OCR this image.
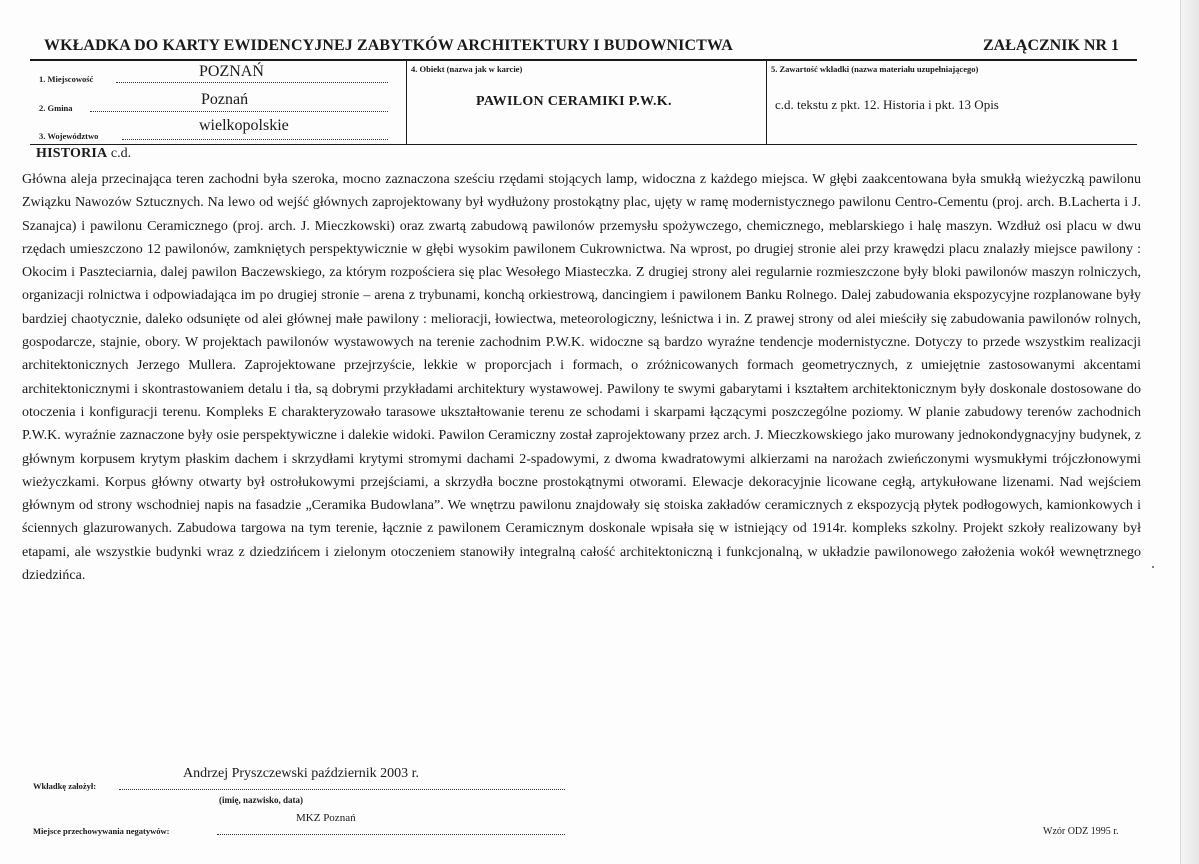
WKŁADKA DO KARTY EWIDENCYJNEJ ZABYTKÓW ARCHITEKTURY I BUDOWNICTWA	ZAŁĄCZNIK NR 1
1. Miejscowość	POZNAŃ
2. Gmina	Poznań
3. Województwo
wielkopolskie
4. Obiekt (nazwa jak w karcie)
PAWILON CERAMIKI P.W.K.
5. Zawartość wkładki (nazwa materiału uzupełniającego)
c.d. tekstu z pkt. 12. Historia i pkt. 13 Opis
HISTORIA c.d.
Główna aleja przecinająca teren zachodni była szeroka, mocno zaznaczona sześciu rzędami stojących lamp, widoczna z każdego miejsca. W głębi zaakcentowana była smukłą wieżyczką pawilonu Związku Nawozów Sztucznych. Na lewo od wejść głównych zaprojektowany był wydłużony prostokątny plac, ujęty w ramę modernistycznego pawilonu Centro-Cementu (proj. arch. B.Lacherta i J. Szanajca) i pawilonu Ceramicznego (proj. arch. J. Mieczkowski) oraz zwartą zabudową pawilonów przemysłu spożywczego, chemicznego, meblarskiego i halę maszyn. Wzdłuż osi placu w dwu rzędach umieszczono 12 pawilonów, zamkniętych perspektywicznie w głębi wysokim pawilonem Cukrownictwa. Na wprost, po drugiej stronie alei przy krawędzi placu znalazły miejsce pawilony : Okocim i Paszteciarnia, dalej pawilon Baczewskiego, za którym rozpościera się plac Wesołego Miasteczka. Z drugiej strony alei regularnie rozmieszczone były bloki pawilonów maszyn rolniczych, organizacji rolnictwa i odpowiadająca im po drugiej stronie – arena z trybunami, konchą orkiestrową, dancingiem i pawilonem Banku Rolnego. Dalej zabudowania ekspozycyjne rozplanowane były bardziej chaotycznie, daleko odsunięte od alei głównej małe pawilony : melioracji, łowiectwa, meteorologiczny, leśnictwa i in. Z prawej strony od alei mieściły się zabudowania pawilonów rolnych, gospodarcze, stajnie, obory. W projektach pawilonów wystawowych na terenie zachodnim P.W.K. widoczne są bardzo wyraźne tendencje modernistyczne. Dotyczy to przede wszystkim realizacji architektonicznych Jerzego Mullera. Zaprojektowane przejrzyście, lekkie w proporcjach i formach, o zróżnicowanych formach geometrycznych, z umiejętnie zastosowanymi akcentami architektonicznymi i skontrastowaniem detalu i tła, są dobrymi przykładami architektury wystawowej. Pawilony te swymi gabarytami i kształtem architektonicznym były doskonale dostosowane do otoczenia i konfiguracji terenu. Kompleks E charakteryzowało tarasowe ukształtowanie terenu ze schodami i skarpami łączącymi poszczególne poziomy. W planie zabudowy terenów zachodnich P.W.K. wyraźnie zaznaczone były osie perspektywiczne i dalekie widoki. Pawilon Ceramiczny został zaprojektowany przez arch. J. Mieczkowskiego jako murowany jednokondygnacyjny budynek, z głównym korpusem krytym płaskim dachem i skrzydłami krytymi stromymi dachami 2-spadowymi, z dwoma kwadratowymi alkierzami na narożach zwieńczonymi wysmukłymi trójczłonowymi wieżyczkami. Korpus główny otwarty był ostrołukowymi przejściami, a skrzydła boczne prostokątnymi otworami. Elewacje dekoracyjnie licowane cegłą, artykułowane lizenami. Nad wejściem głównym od strony wschodniej napis na fasadzie „Ceramika Budowlana”. We wnętrzu pawilonu znajdowały się stoiska zakładów ceramicznych z ekspozycją płytek podłogowych, kamionkowych i ściennych glazurowanych. Zabudowa targowa na tym terenie, łącznie z pawilonem Ceramicznym doskonale wpisała się w istniejący od 1914r. kompleks szkolny. Projekt szkoły realizowany był etapami, ale wszystkie budynki wraz z dziedzińcem i zielonym otoczeniem stanowiły integralną całość architektoniczną i funkcjonalną, w układzie pawilonowego założenia wokół wewnętrznego dziedzińca.
Wkładkę założył:
Andrzej Pryszczewski październik 2003 r.
(imię, nazwisko, data)
Miejsce przechowywania negatywów:
MKZ Poznań
Wzór ODZ 1995 r.
